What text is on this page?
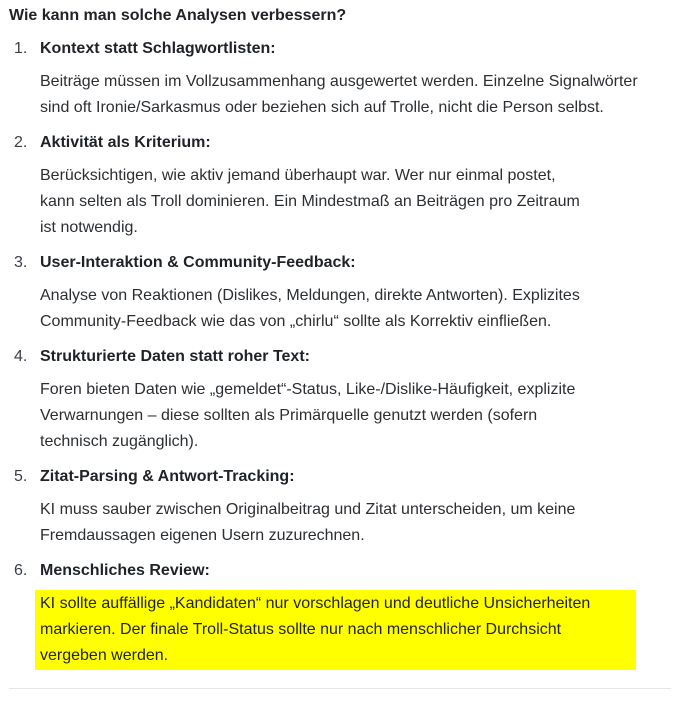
Wie kann man solche Analysen verbessern?
1. Kontext statt Schlagwortlisten:
Beiträge müssen im Vollzusammenhang ausgewertet werden. Einzelne Signalwörter
sind oft Ironie/Sarkasmus oder beziehen sich auf Trolle, nicht die Person selbst.
2. Aktivität als Kriterium:
Berücksichtigen, wie aktiv jemand überhaupt war. Wer nur einmal postet,
kann selten als Troll dominieren. Ein Mindestmaß an Beiträgen pro Zeitraum
ist notwendig.
3. User-Interaktion & Community-Feedback:
Analyse von Reaktionen (Dislikes, Meldungen, direkte Antworten). Explizites
Community-Feedback wie das von „chirlu“ sollte als Korrektiv einfließen.
4. Strukturierte Daten statt roher Text:
Foren bieten Daten wie „gemeldet“-Status, Like-/Dislike-Häufigkeit, explizite
Verwarnungen – diese sollten als Primärquelle genutzt werden (sofern
technisch zugänglich).
5. Zitat-Parsing & Antwort-Tracking:
KI muss sauber zwischen Originalbeitrag und Zitat unterscheiden, um keine
Fremdaussagen eigenen Usern zuzurechnen.
6. Menschliches Review:
KI sollte auffällige „Kandidaten“ nur vorschlagen und deutliche Unsicherheiten
markieren. Der finale Troll-Status sollte nur nach menschlicher Durchsicht
vergeben werden.
